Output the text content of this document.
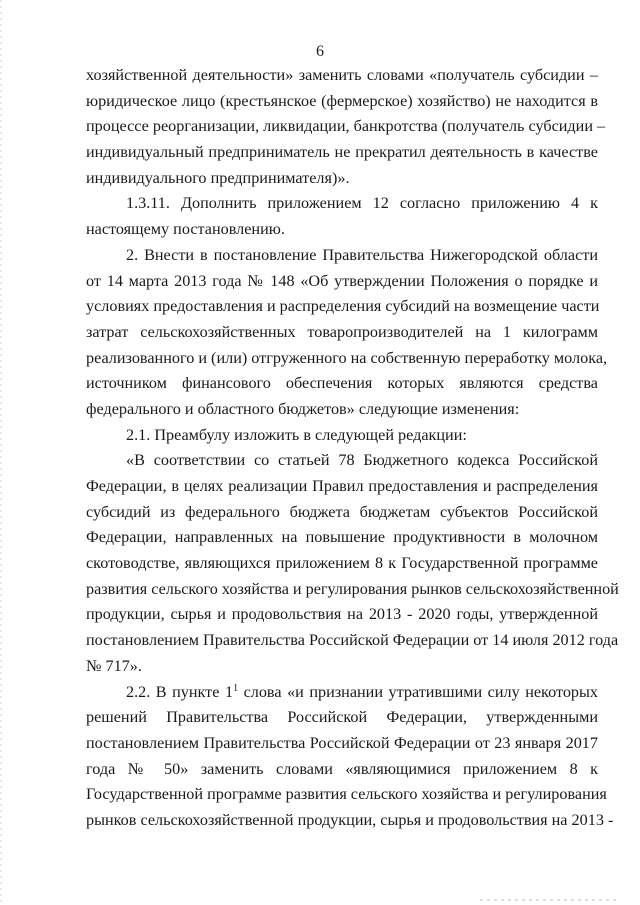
6
хозяйственной деятельности» заменить словами «получатель субсидии –
юридическое лицо (крестьянское (фермерское) хозяйство) не находится в
процессе реорганизации, ликвидации, банкротства (получатель субсидии –
индивидуальный предприниматель не прекратил деятельность в качестве
индивидуального предпринимателя)».
1.3.11. Дополнить приложением 12 согласно приложению 4 к
настоящему постановлению.
2. Внести в постановление Правительства Нижегородской области
от 14 марта 2013 года № 148 «Об утверждении Положения о порядке и
условиях предоставления и распределения субсидий на возмещение части
затрат сельскохозяйственных товаропроизводителей на 1 килограмм
реализованного и (или) отгруженного на собственную переработку молока,
источником финансового обеспечения которых являются средства
федерального и областного бюджетов» следующие изменения:
2.1. Преамбулу изложить в следующей редакции:
«В соответствии со статьей 78 Бюджетного кодекса Российской
Федерации, в целях реализации Правил предоставления и распределения
субсидий из федерального бюджета бюджетам субъектов Российской
Федерации, направленных на повышение продуктивности в молочном
скотоводстве, являющихся приложением 8 к Государственной программе
развития сельского хозяйства и регулирования рынков сельскохозяйственной
продукции, сырья и продовольствия на 2013 - 2020 годы, утвержденной
постановлением Правительства Российской Федерации от 14 июля 2012 года
№ 717».
2.2. В пункте 1$^1$ слова «и признании утратившими силу некоторых
решений Правительства Российской Федерации, утвержденными
постановлением Правительства Российской Федерации от 23 января 2017
года № 50» заменить словами «являющимися приложением 8 к
Государственной программе развития сельского хозяйства и регулирования
рынков сельскохозяйственной продукции, сырья и продовольствия на 2013 -
